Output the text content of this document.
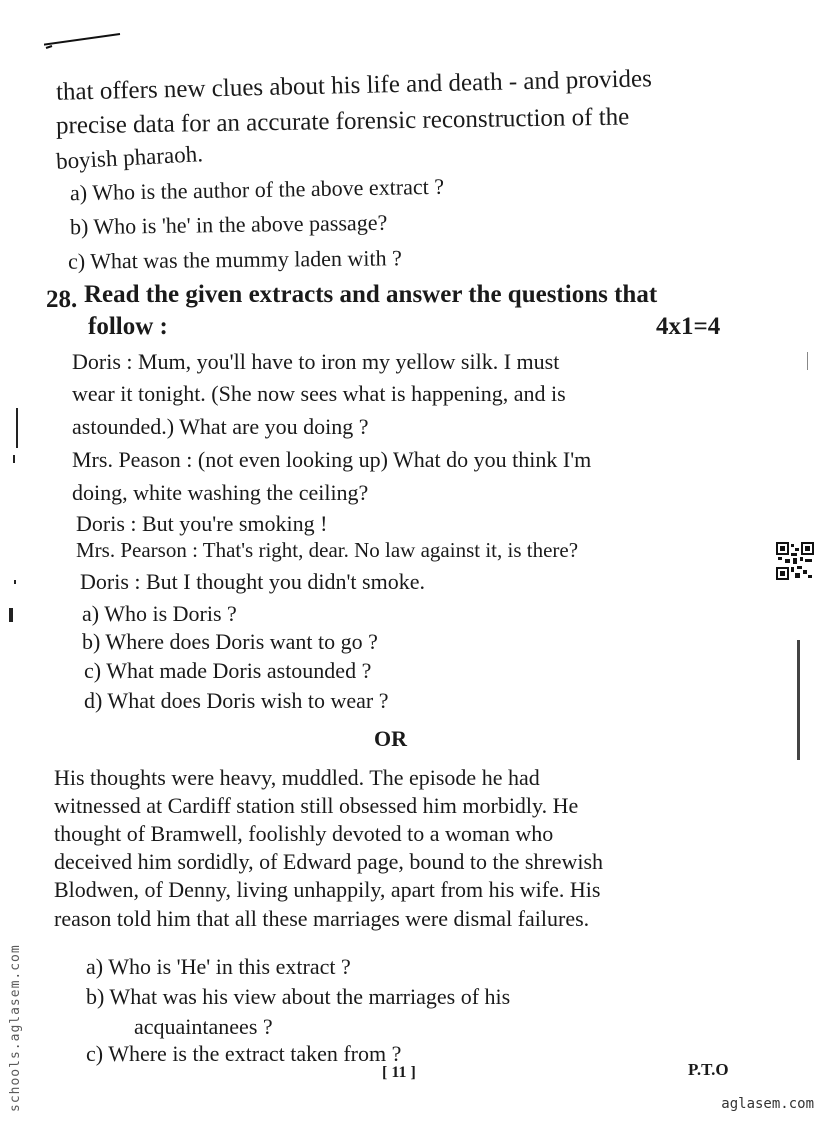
that offers new clues about his life and death - and provides
precise data for an accurate forensic reconstruction of the
boyish pharaoh.
a) Who is the author of the above extract ?
b) Who is 'he' in the above passage?
c) What was the mummy laden with ?
28. Read the given extracts and answer the questions that
follow :	4x1=4
Doris : Mum, you'll have to iron my yellow silk. I must
wear it tonight. (She now sees what is happening, and is
astounded.) What are you doing ?
Mrs. Peason : (not even looking up) What do you think I'm
doing, white washing the ceiling?
Doris : But you're smoking !
Mrs. Pearson : That's right, dear. No law against it, is there?
Doris : But I thought you didn't smoke.
a) Who is Doris ?
b) Where does Doris want to go ?
c) What made Doris astounded ?
d) What does Doris wish to wear ?
OR
His thoughts were heavy, muddled. The episode he had
witnessed at Cardiff station still obsessed him morbidly. He
thought of Bramwell, foolishly devoted to a woman who
deceived him sordidly, of Edward page, bound to the shrewish
Blodwen, of Denny, living unhappily, apart from his wife. His
reason told him that all these marriages were dismal failures.
a) Who is 'He' in this extract ?
b) What was his view about the marriages of his
acquaintanees ?
c) Where is the extract taken from ?
[ 11 ]	P.T.O
aglasem.com
schools.aglasem.com
